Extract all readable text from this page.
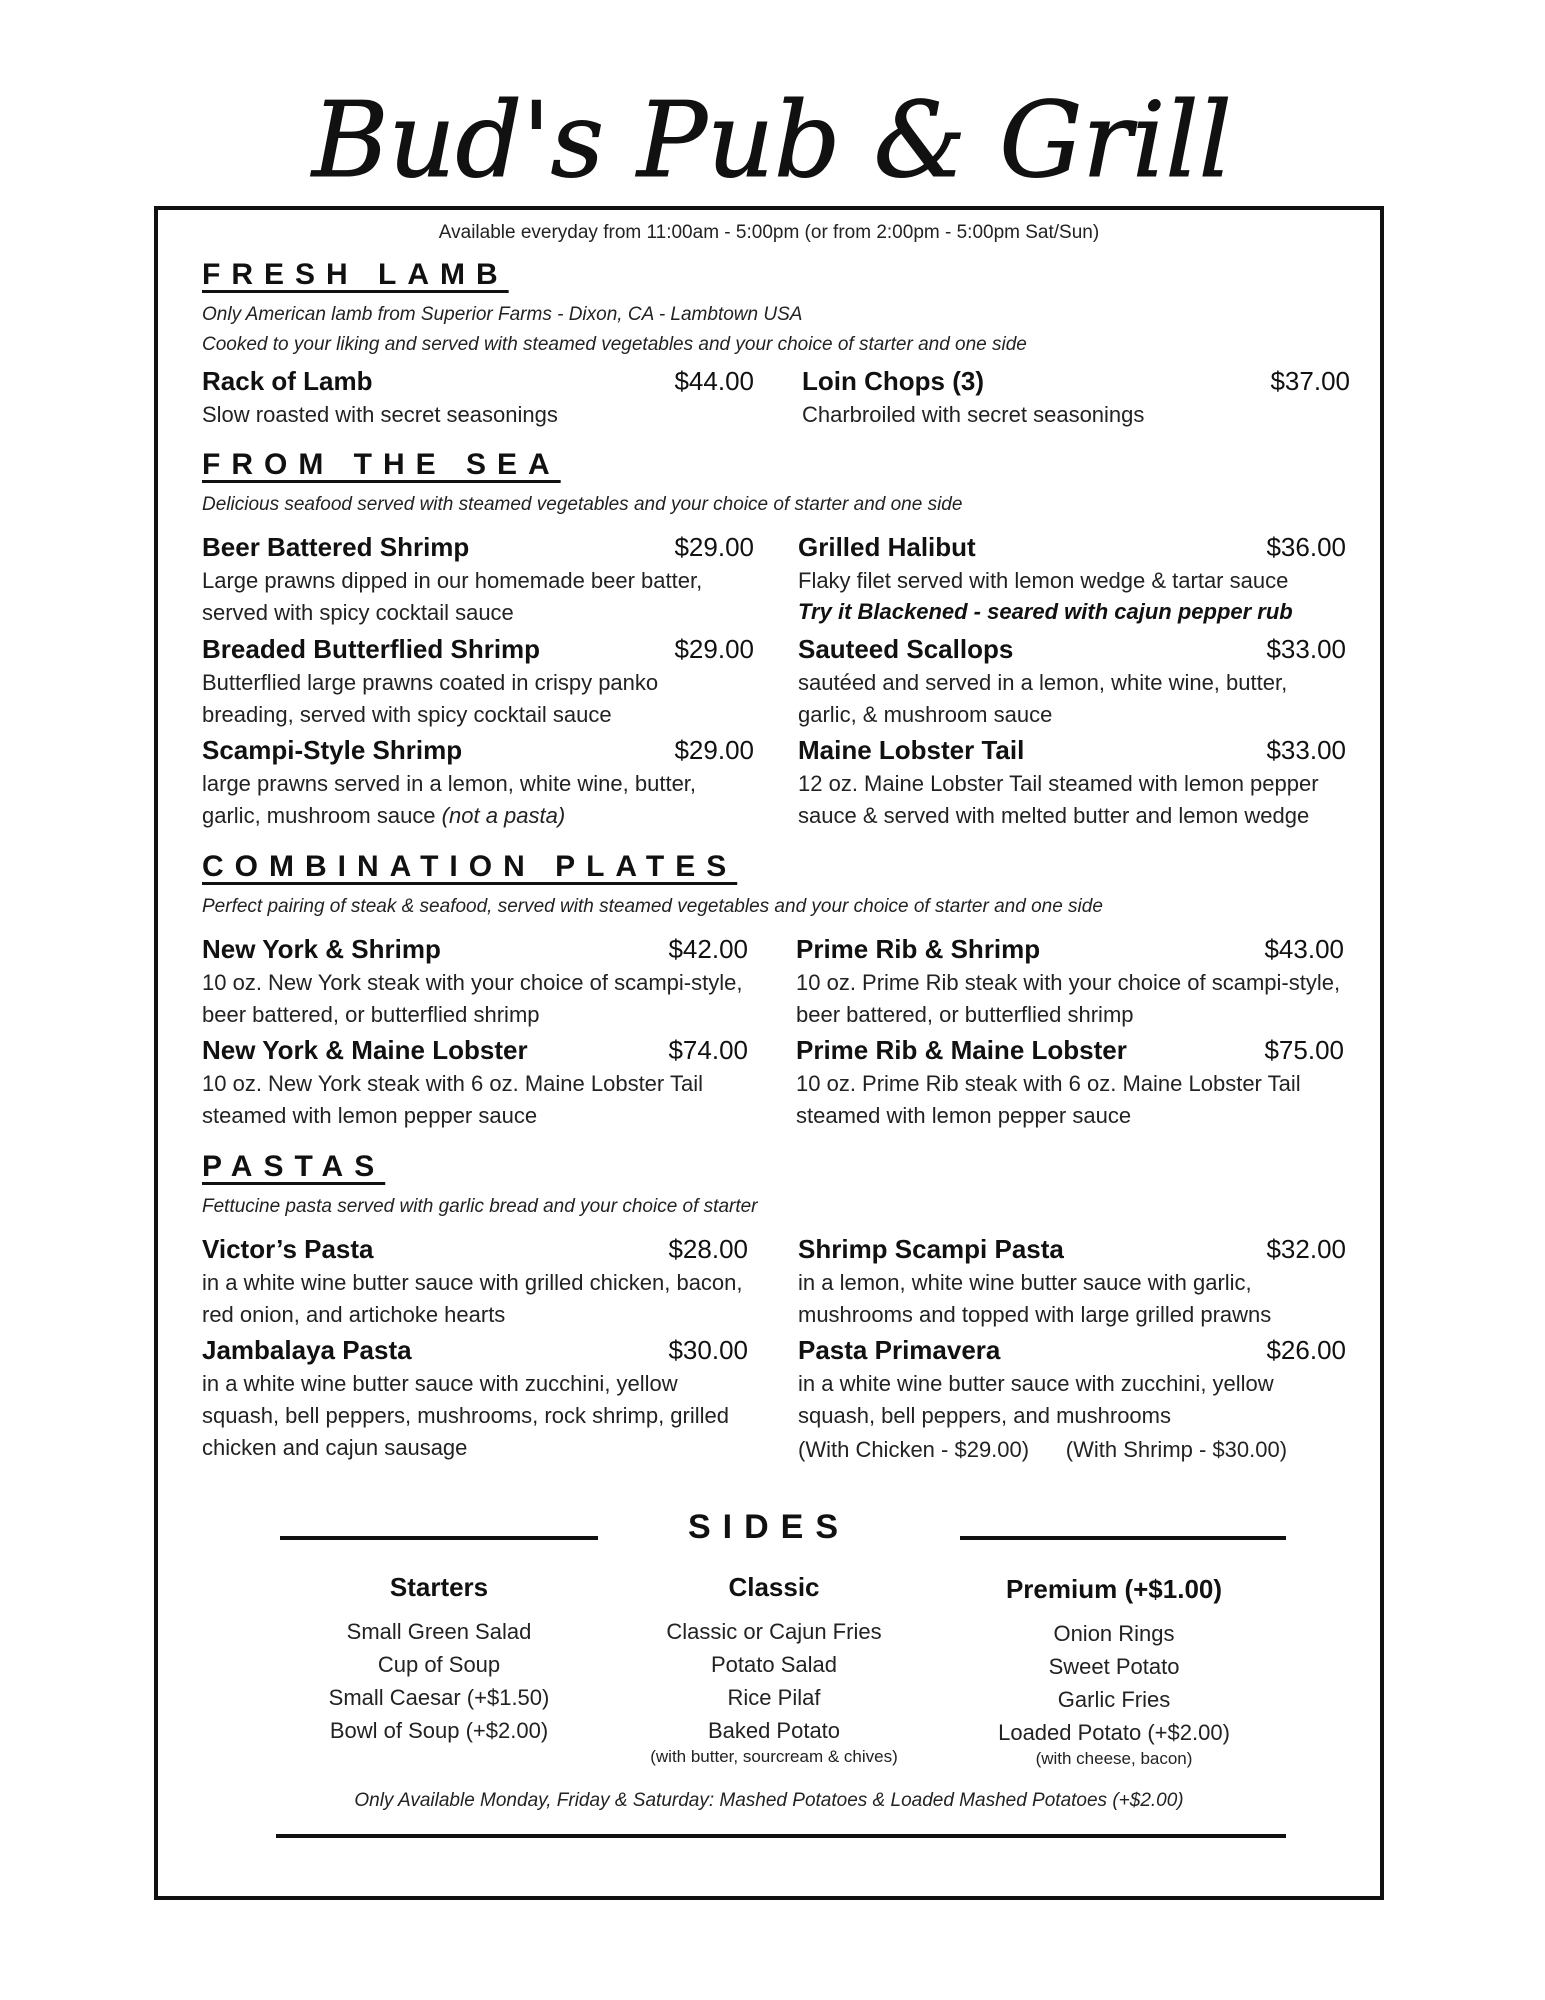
Bud's Pub & Grill
Available everyday from 11:00am - 5:00pm (or from 2:00pm - 5:00pm Sat/Sun)
FRESH LAMB
Only American lamb from Superior Farms - Dixon, CA - Lambtown USA
Cooked to your liking and served with steamed vegetables and your choice of starter and one side
Rack of Lamb	$44.00
Slow roasted with secret seasonings
Loin Chops (3)	$37.00
Charbroiled with secret seasonings
FROM THE SEA
Delicious seafood served with steamed vegetables and your choice of starter and one side
Beer Battered Shrimp	$29.00
Large prawns dipped in our homemade beer batter, served with spicy cocktail sauce
Breaded Butterflied Shrimp	$29.00
Butterflied large prawns coated in crispy panko breading, served with spicy cocktail sauce
Scampi-Style Shrimp	$29.00
large prawns served in a lemon, white wine, butter, garlic, mushroom sauce (not a pasta)
Grilled Halibut	$36.00
Flaky filet served with lemon wedge & tartar sauce
Try it Blackened - seared with cajun pepper rub
Sauteed Scallops	$33.00
sautéed and served in a lemon, white wine, butter, garlic, & mushroom sauce
Maine Lobster Tail	$33.00
12 oz. Maine Lobster Tail steamed with lemon pepper sauce & served with melted butter and lemon wedge
COMBINATION PLATES
Perfect pairing of steak & seafood, served with steamed vegetables and your choice of starter and one side
New York & Shrimp	$42.00
10 oz. New York steak with your choice of scampi-style, beer battered, or butterflied shrimp
New York & Maine Lobster	$74.00
10 oz. New York steak with 6 oz. Maine Lobster Tail steamed with lemon pepper sauce
Prime Rib & Shrimp	$43.00
10 oz. Prime Rib steak with your choice of scampi-style, beer battered, or butterflied shrimp
Prime Rib & Maine Lobster	$75.00
10 oz. Prime Rib steak with 6 oz. Maine Lobster Tail steamed with lemon pepper sauce
PASTAS
Fettucine pasta served with garlic bread and your choice of starter
Victor’s Pasta	$28.00
in a white wine butter sauce with grilled chicken, bacon, red onion, and artichoke hearts
Jambalaya Pasta	$30.00
in a white wine butter sauce with zucchini, yellow squash, bell peppers, mushrooms, rock shrimp, grilled chicken and cajun sausage
Shrimp Scampi Pasta	$32.00
in a lemon, white wine butter sauce with garlic, mushrooms and topped with large grilled prawns
Pasta Primavera	$26.00
in a white wine butter sauce with zucchini, yellow squash, bell peppers, and mushrooms
(With Chicken - $29.00)      (With Shrimp - $30.00)
SIDES
Starters
Small Green Salad
Cup of Soup
Small Caesar (+$1.50)
Bowl of Soup (+$2.00)
Classic
Classic or Cajun Fries
Potato Salad
Rice Pilaf
Baked Potato
(with butter, sourcream & chives)
Premium (+$1.00)
Onion Rings
Sweet Potato
Garlic Fries
Loaded Potato (+$2.00)
(with cheese, bacon)
Only Available Monday, Friday & Saturday: Mashed Potatoes & Loaded Mashed Potatoes (+$2.00)
